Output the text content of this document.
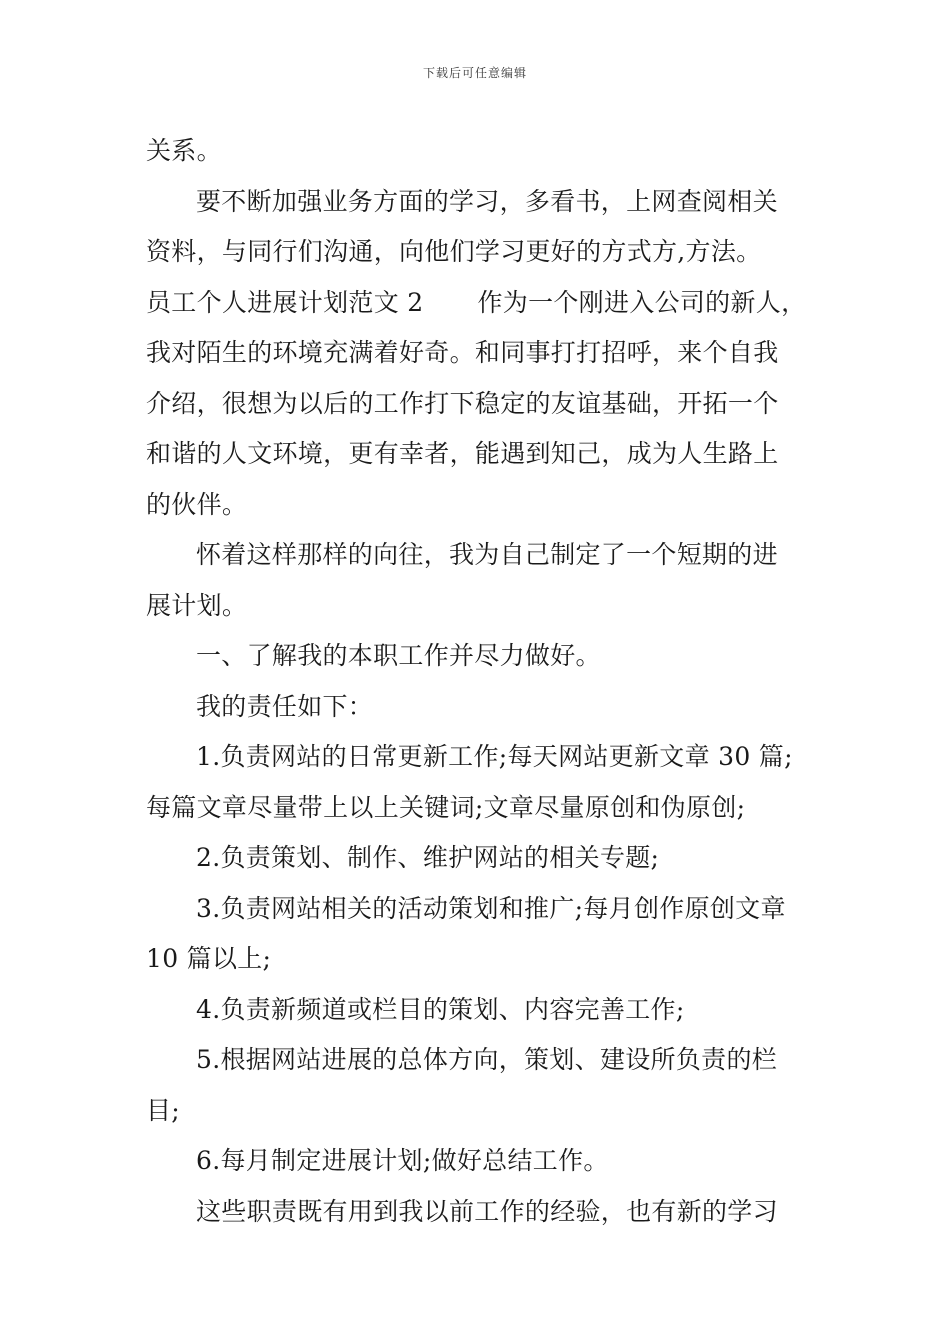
下载后可任意编辑
关系。
要不断加强业务方面的学习，多看书，上网查阅相关
资料，与同行们沟通，向他们学习更好的方式方,方法。
员工个人进展计划范文 2 作为一个刚进入公司的新人，
我对陌生的环境充满着好奇。和同事打打招呼，来个自我
介绍，很想为以后的工作打下稳定的友谊基础，开拓一个
和谐的人文环境，更有幸者，能遇到知己，成为人生路上
的伙伴。
怀着这样那样的向往，我为自己制定了一个短期的进
展计划。
一、了解我的本职工作并尽力做好。
我的责任如下：
1.负责网站的日常更新工作;每天网站更新文章 30 篇;
每篇文章尽量带上以上关键词;文章尽量原创和伪原创;
2.负责策划、制作、维护网站的相关专题;
3.负责网站相关的活动策划和推广;每月创作原创文章
10 篇以上;
4.负责新频道或栏目的策划、内容完善工作;
5.根据网站进展的总体方向，策划、建设所负责的栏
目;
6.每月制定进展计划;做好总结工作。
这些职责既有用到我以前工作的经验，也有新的学习
